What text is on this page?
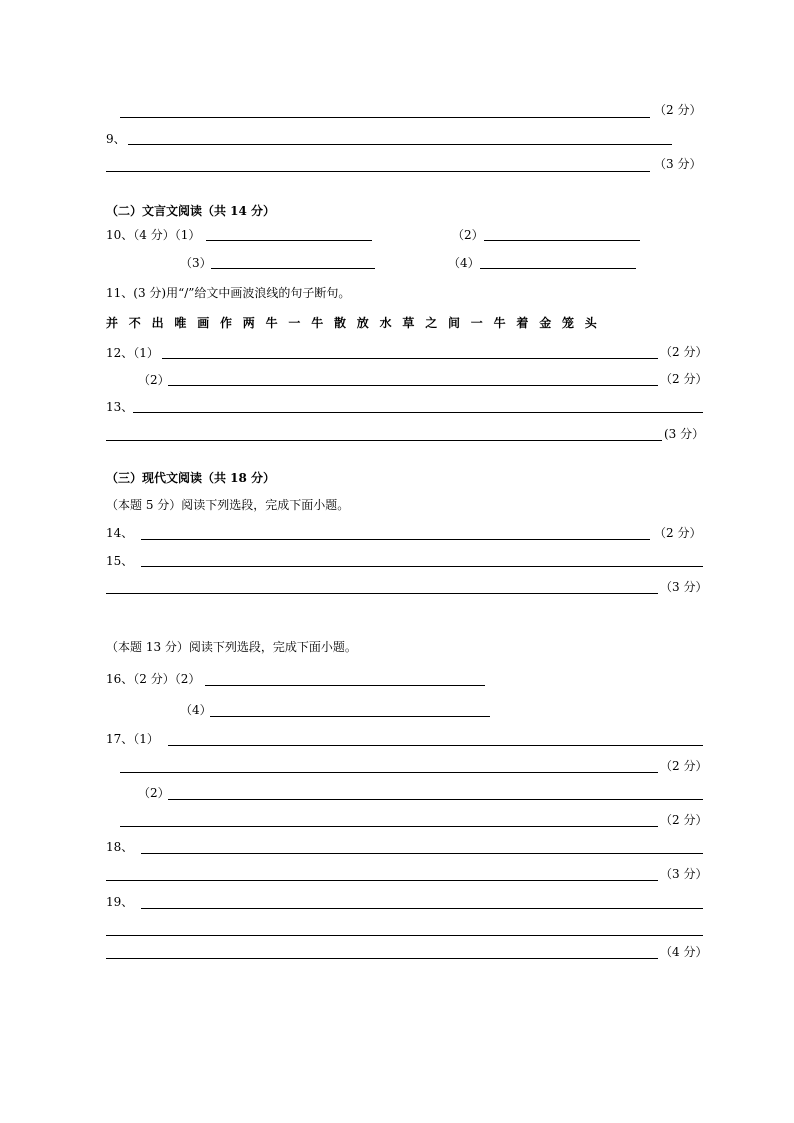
（2 分）
9、
（3 分）
（二）文言文阅读（共 14 分）
10、（4 分）（1）	（2）
（3）	（4）
11、(3 分)用“/”给文中画波浪线的句子断句。
并 不 出 唯 画 作 两 牛 一 牛 散 放 水 草 之 间 一 牛 着 金 笼 头
12、（1）	（2 分）
（2）	（2 分）
13、
(3 分）
（三）现代文阅读（共 18 分）
（本题 5 分）阅读下列选段，完成下面小题。
14、	（2 分）
15、
（3 分）
（本题 13 分）阅读下列选段，完成下面小题。
16、（2 分）（2）
（4）
17、（1）
（2 分）
（2）
（2 分）
18、
（3 分）
19、
（4 分）
